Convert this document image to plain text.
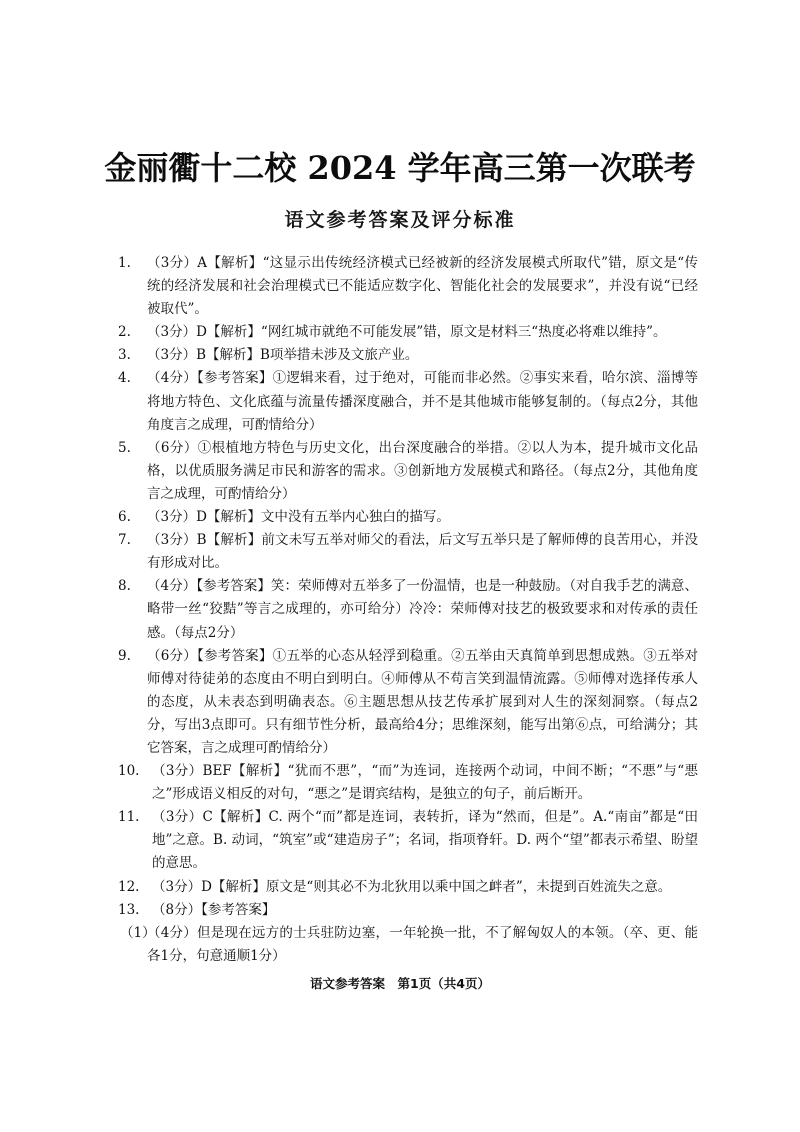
金丽衢十二校 2024 学年高三第一次联考
语文参考答案及评分标准
1.	（3分）A【解析】“这显示出传统经济模式已经被新的经济发展模式所取代”错，原文是“传统的经济发展和社会治理模式已不能适应数字化、智能化社会的发展要求”，并没有说“已经被取代”。
2.	（3分）D【解析】“网红城市就绝不可能发展”错，原文是材料三“热度必将难以维持”。
3.	（3分）B【解析】B项举措未涉及文旅产业。
4.	（4分）【参考答案】①逻辑来看，过于绝对，可能而非必然。②事实来看，哈尔滨、淄博等将地方特色、文化底蕴与流量传播深度融合，并不是其他城市能够复制的。（每点2分，其他角度言之成理，可酌情给分）
5.	（6分）①根植地方特色与历史文化，出台深度融合的举措。②以人为本，提升城市文化品格，以优质服务满足市民和游客的需求。③创新地方发展模式和路径。（每点2分，其他角度言之成理，可酌情给分）
6.	（3分）D【解析】文中没有五举内心独白的描写。
7.	（3分）B【解析】前文未写五举对师父的看法，后文写五举只是了解师傅的良苦用心，并没有形成对比。
8.	（4分）【参考答案】笑：荣师傅对五举多了一份温情，也是一种鼓励。（对自我手艺的满意、略带一丝“狡黠”等言之成理的，亦可给分）冷冷：荣师傅对技艺的极致要求和对传承的责任感。（每点2分）
9.	（6分）【参考答案】①五举的心态从轻浮到稳重。②五举由天真简单到思想成熟。③五举对师傅对待徒弟的态度由不明白到明白。④师傅从不苟言笑到温情流露。⑤师傅对选择传承人的态度，从未表态到明确表态。⑥主题思想从技艺传承扩展到对人生的深刻洞察。（每点2分，写出3点即可。只有细节性分析，最高给4分；思维深刻，能写出第⑥点，可给满分；其它答案，言之成理可酌情给分）
10. （3分）BEF【解析】“犹而不悪”，“而”为连词，连接两个动词，中间不断；“不悪”与“悪之”形成语义相反的对句，“悪之”是谓宾结构，是独立的句子，前后断开。
11. （3分）C【解析】C. 两个“而”都是连词，表转折，译为“然而，但是”。A.“南亩”都是“田地”之意。B. 动词，“筑室”或“建造房子”；名词，指项脊轩。D. 两个“望”都表示希望、盼望的意思。
12. （3分）D【解析】原文是“则其必不为北狄用以乘中国之衅者”，未提到百姓流失之意。
13. （8分）【参考答案】
（1）
（4分）但是现在远方的士兵驻防边塞，一年轮换一批，不了解匈奴人的本领。（卒、更、能各1分，句意通顺1分）
语文参考答案　第1页（共4页）
